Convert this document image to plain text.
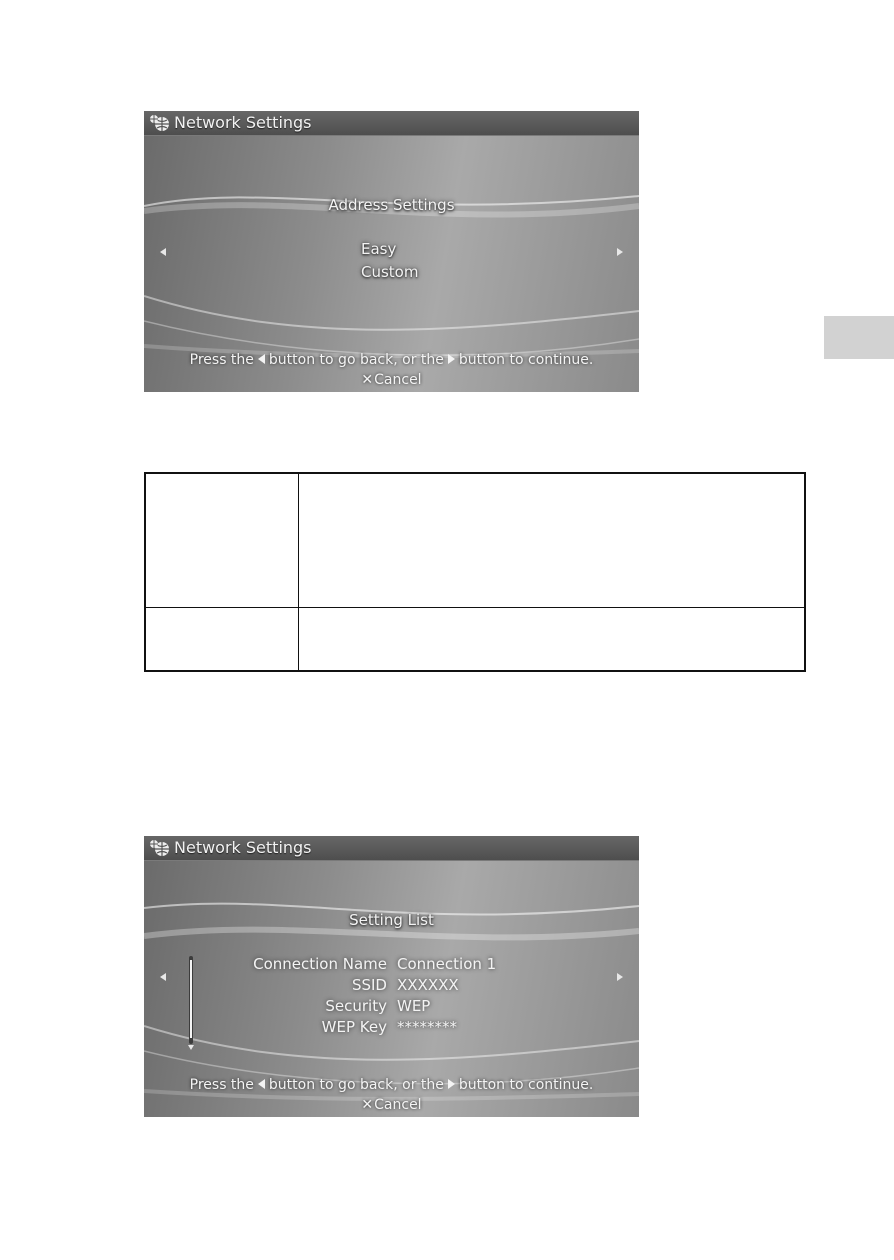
Network Settings
Address Settings
Easy
Custom
Press the button to go back, or the button to continue.
✕Cancel
Network Settings
Setting List
Connection Name Connection 1
SSID XXXXXX
Security WEP
WEP Key ********
Press the button to go back, or the button to continue.
✕Cancel
